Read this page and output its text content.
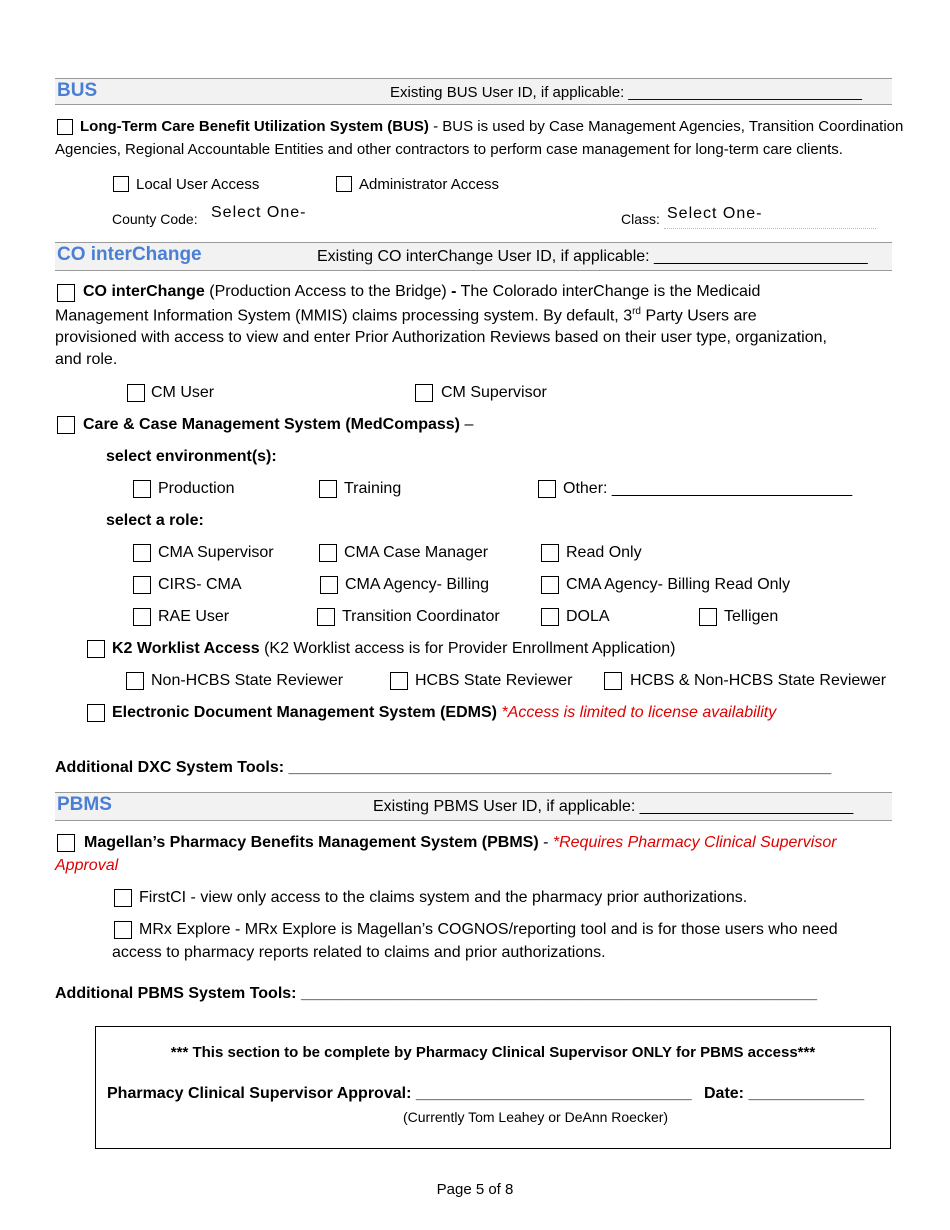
BUS	Existing BUS User ID, if applicable: ____________________________
Long-Term Care Benefit Utilization System (BUS) - BUS is used by Case Management Agencies, Transition Coordination
Agencies, Regional Accountable Entities and other contractors to perform case management for long-term care clients.
Local User Access	Administrator Access
County Code: Select One-	Class: Select One-
CO interChange	Existing CO interChange User ID, if applicable: ________________________
CO interChange (Production Access to the Bridge) - The Colorado interChange is the Medicaid
Management Information System (MMIS) claims processing system. By default, 3rd Party Users are
provisioned with access to view and enter Prior Authorization Reviews based on their user type, organization,
and role.
CM User	CM Supervisor
Care & Case Management System (MedCompass) –
select environment(s):
Production	Training	Other: ___________________________
select a role:
CMA Supervisor	CMA Case Manager	Read Only
CIRS- CMA	CMA Agency- Billing	CMA Agency- Billing Read Only
RAE User	Transition Coordinator	DOLA	Telligen
K2 Worklist Access (K2 Worklist access is for Provider Enrollment Application)
Non-HCBS State Reviewer	HCBS State Reviewer	HCBS & Non-HCBS State Reviewer
Electronic Document Management System (EDMS) *Access is limited to license availability
Additional DXC System Tools: _____________________________________________________________
PBMS	Existing PBMS User ID, if applicable: ________________________
Magellan’s Pharmacy Benefits Management System (PBMS) - *Requires Pharmacy Clinical Supervisor
Approval
FirstCI - view only access to the claims system and the pharmacy prior authorizations.
MRx Explore - MRx Explore is Magellan’s COGNOS/reporting tool and is for those users who need
access to pharmacy reports related to claims and prior authorizations.
Additional PBMS System Tools: __________________________________________________________
*** This section to be complete by Pharmacy Clinical Supervisor ONLY for PBMS access***
Pharmacy Clinical Supervisor Approval: _______________________________ Date: _____________
(Currently Tom Leahey or DeAnn Roecker)
Page 5 of 8
